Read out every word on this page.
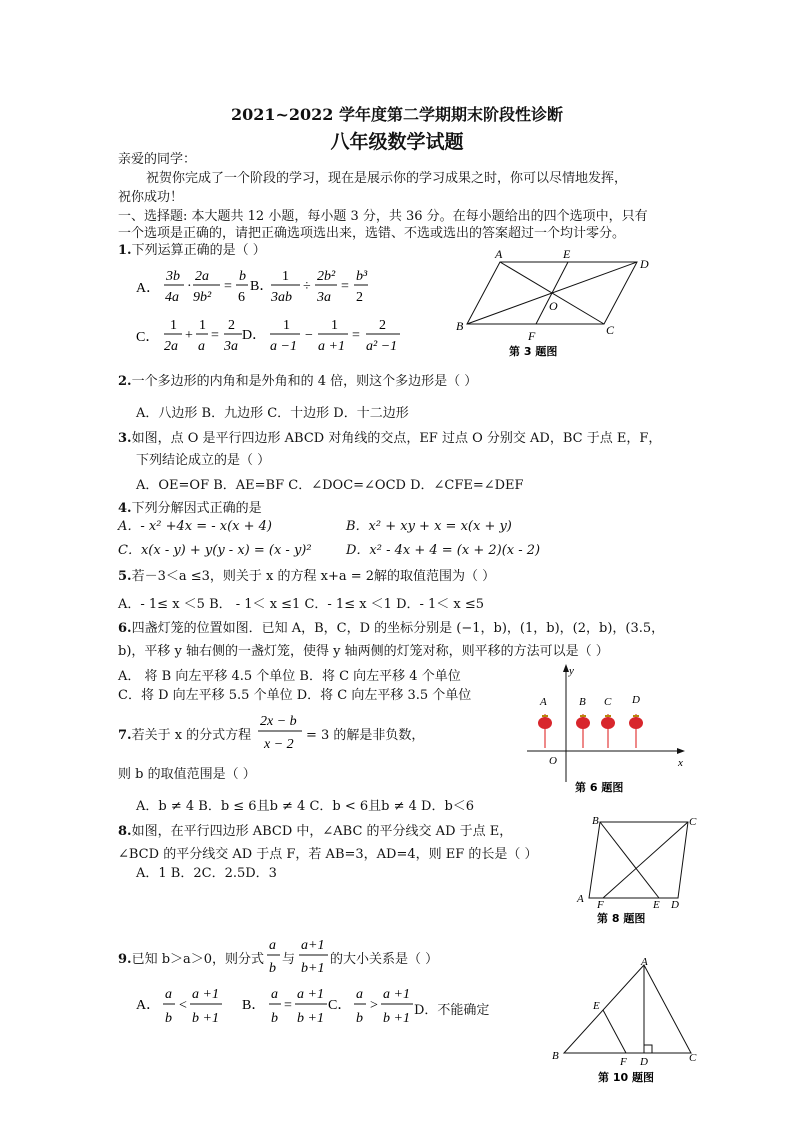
2021~2022 学年度第二学期期末阶段性诊断
八年级数学试题
亲爱的同学：
祝贺你完成了一个阶段的学习，现在是展示你的学习成果之时，你可以尽情地发挥，
祝你成功！
一、选择题: 本大题共 12 小题，每小题 3 分，共 36 分。在每小题给出的四个选项中，只有
一个选项是正确的，请把正确选项选出来，选错、不选或选出的答案超过一个均计零分。
1.下列运算正确的是（ ）
A．
3b
4a
·
2a
9b²
=
b
6
B．
1
3ab
÷
2b²
3a
=
b³
2
C．
1
2a
+
1
a
=
2
3a
D．
1
a −1
−
1
a +1
=
2
a² −1
A	E
D
B
F	C
O
第 3 题图
2.一个多边形的内角和是外角和的 4 倍，则这个多边形是（ ）
A．八边形 B．九边形 C．十边形 D．十二边形
3.如图，点 O 是平行四边形 ABCD 对角线的交点，EF 过点 O 分别交 AD，BC 于点 E，F，
下列结论成立的是（ ）
A．OE=OF B．AE=BF C．∠DOC=∠OCD D．∠CFE=∠DEF
4.下列分解因式正确的是
A．- x² +4x = - x(x + 4)	B．x² + xy + x = x(x + y)
C．x(x - y) + y(y - x) = (x - y)²	D．x² - 4x + 4 = (x + 2)(x - 2)
5.若－3＜a ≤3，则关于 x 的方程 x+a = 2解的取值范围为（ ）
A．- 1≤ x ＜5 B． - 1＜ x ≤1 C．- 1≤ x ＜1 D．- 1＜ x ≤5
6.四盏灯笼的位置如图．已知 A，B，C，D 的坐标分别是 (−1，b)，(1，b)，(2，b)，(3.5，
b)，平移 y 轴右侧的一盏灯笼，使得 y 轴两侧的灯笼对称，则平移的方法可以是（ ）
A． 将 B 向左平移 4.5 个单位 B．将 C 向左平移 4 个单位
C．将 D 向左平移 5.5 个单位 D．将 C 向左平移 3.5 个单位
x
y
O
A	B C D
第 6 题图
7.若关于 x 的分式方程
2x − b
x − 2
= 3 的解是非负数，
则 b 的取值范围是（ ）
A．b ≠ 4 B．b ≤ 6且b ≠ 4 C．b < 6且b ≠ 4 D．b＜6
8.如图，在平行四边形 ABCD 中，∠ABC 的平分线交 AD 于点 E，
∠BCD 的平分线交 AD 于点 F，若 AB=3，AD=4，则 EF 的长是（ ）
A．1 B．2C．2.5D．3
B	C
A F	E D
第 8 题图
9.已知 b＞a＞0，则分式
a
b
与
a+1
b+1
的大小关系是（ ）
A．
a
b
<
a +1
b +1
B．
a
b
=
a +1
b +1
C．
a
b
>
a +1
b +1
D．不能确定
A
E
B	F D	C
第 10 题图
